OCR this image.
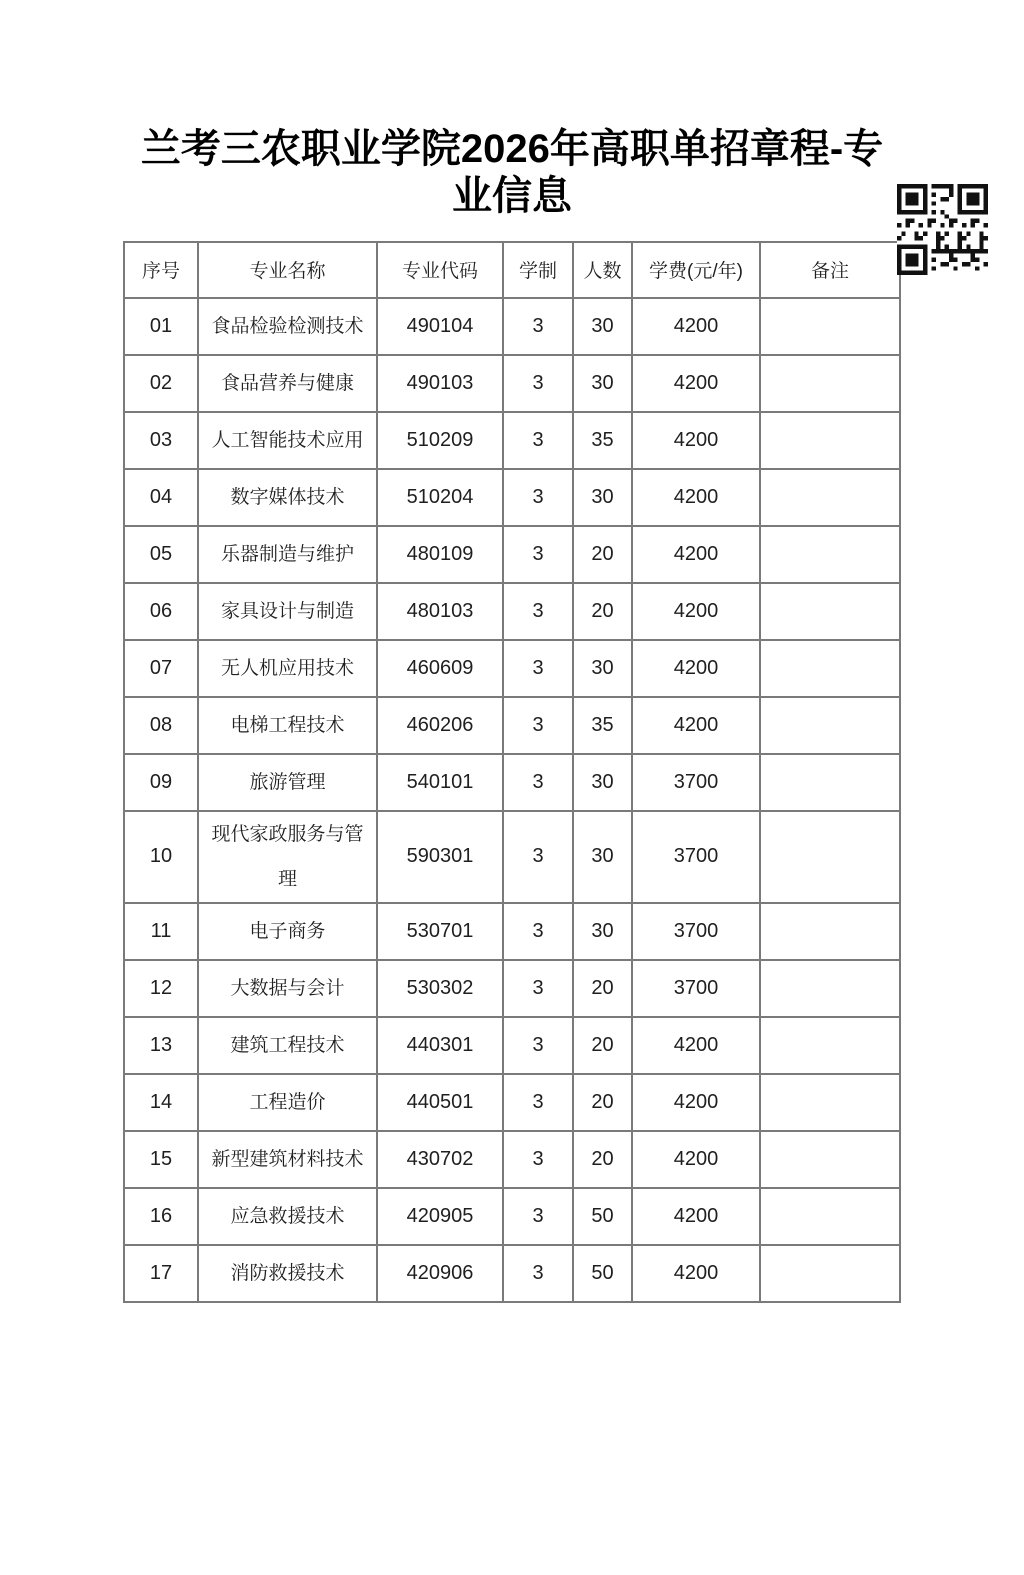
兰考三农职业学院2026年高职单招章程-专业信息
序号	专业名称	专业代码	学制	人数	学费(元/年)	备注
01	食品检验检测技术	490104	3	30	4200	
02	食品营养与健康	490103	3	30	4200	
03	人工智能技术应用	510209	3	35	4200	
04	数字媒体技术	510204	3	30	4200	
05	乐器制造与维护	480109	3	20	4200	
06	家具设计与制造	480103	3	20	4200	
07	无人机应用技术	460609	3	30	4200	
08	电梯工程技术	460206	3	35	4200	
09	旅游管理	540101	3	30	3700	
10	现代家政服务与管理	590301	3	30	3700	
11	电子商务	530701	3	30	3700	
12	大数据与会计	530302	3	20	3700	
13	建筑工程技术	440301	3	20	4200	
14	工程造价	440501	3	20	4200	
15	新型建筑材料技术	430702	3	20	4200	
16	应急救援技术	420905	3	50	4200	
17	消防救援技术	420906	3	50	4200	
